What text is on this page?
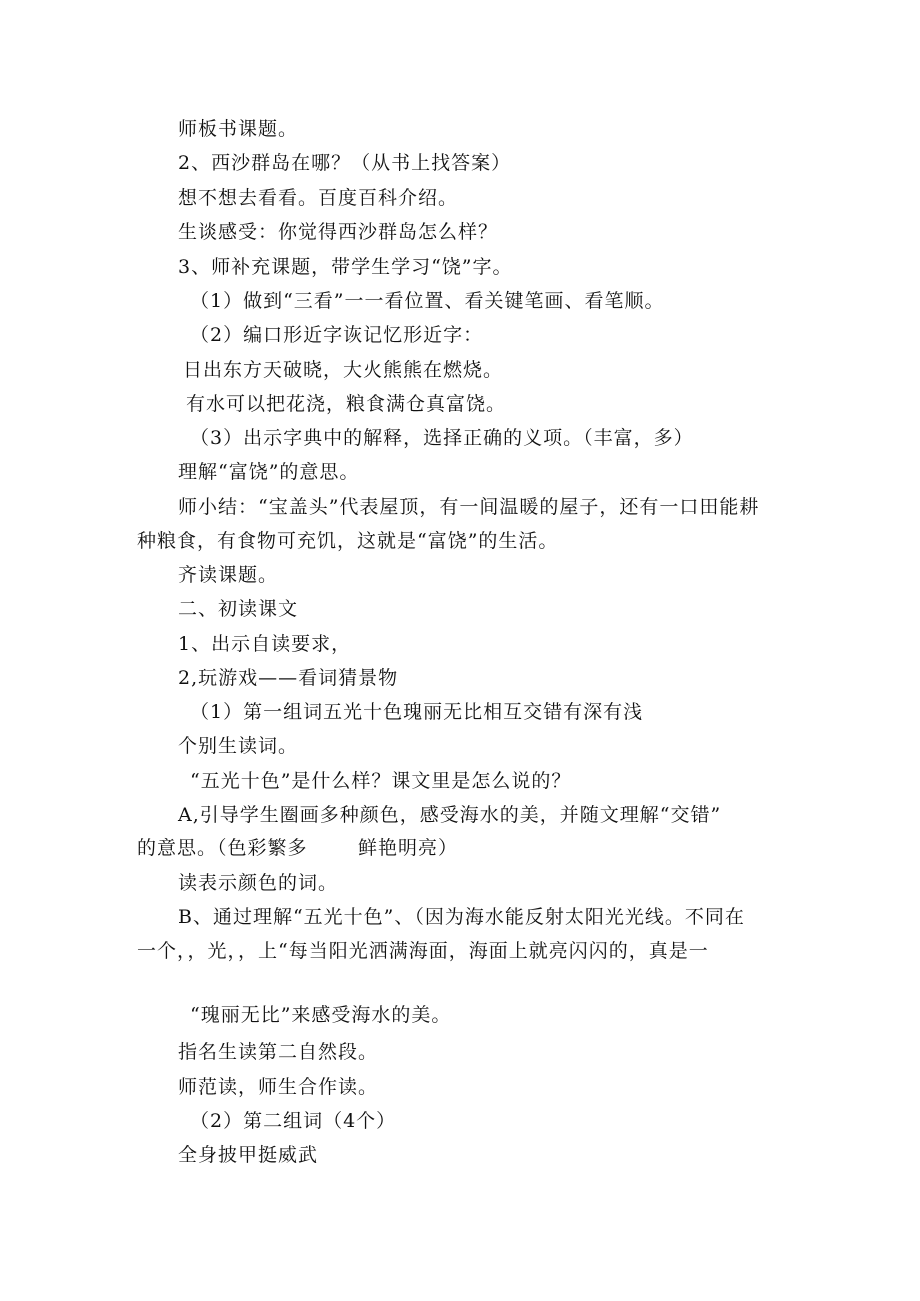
师板书课题。
2、西沙群岛在哪？（从书上找答案）
想不想去看看。百度百科介绍。
生谈感受：你觉得西沙群岛怎么样？
3、师补充课题，带学生学习“饶”字。
（1）做到“三看”一一看位置、看关键笔画、看笔顺。
（2）编口形近字诙记忆形近字：
日出东方天破晓，大火熊熊在燃烧。
有水可以把花浇，粮食满仓真富饶。
（3）出示字典中的解释，选择正确的义项。（丰富，多）
理解“富饶”的意思。
师小结：“宝盖头”代表屋顶，有一间温暖的屋子，还有一口田能耕
种粮食，有食物可充饥，这就是“富饶”的生活。
齐读课题。
二、初读课文
1、出示自读要求，
2,玩游戏——看词猜景物
（1）第一组词五光十色瑰丽无比相互交错有深有浅
个别生读词。
“五光十色”是什么样？课文里是怎么说的？
A,引导学生圈画多种颜色，感受海水的美，并随文理解“交错”
的意思。（色彩繁多	鲜艳明亮）
读表示颜色的词。
B、通过理解“五光十色”、（因为海水能反射太阳光光线。不同在
一个，，光，，上“每当阳光洒满海面，海面上就亮闪闪的，真是一
“瑰丽无比”来感受海水的美。
指名生读第二自然段。
师范读，师生合作读。
（2）第二组词（4个）
全身披甲挺威武
